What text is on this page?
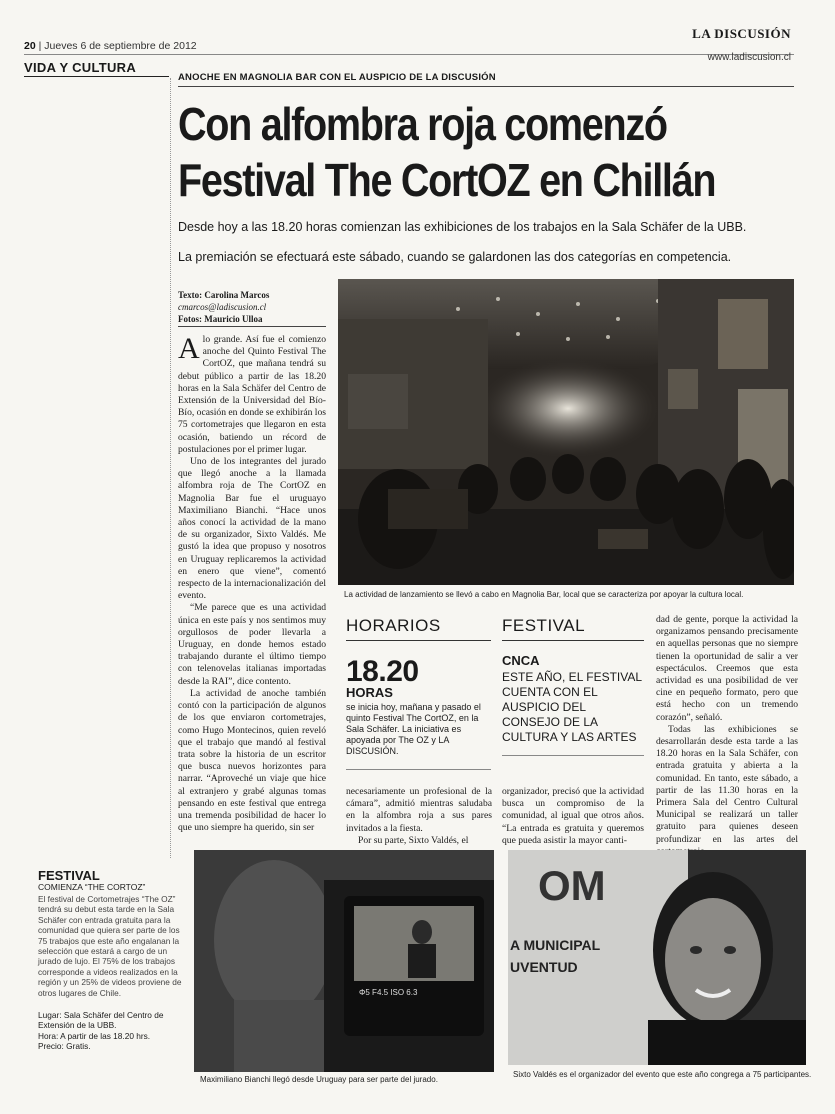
20 | Jueves 6 de septiembre de 2012
LA DISCUSIÓN
www.ladiscusion.cl
VIDA Y CULTURA
ANOCHE EN MAGNOLIA BAR CON EL AUSPICIO DE LA DISCUSIÓN
Con alfombra roja comenzó
Festival The CortOZ en Chillán
Desde hoy a las 18.20 horas comienzan las exhibiciones de los trabajos en la Sala Schäfer de la UBB.
La premiación se efectuará este sábado, cuando se galardonen las dos categorías en competencia.
Texto: Carolina Marcos
cmarcos@ladiscusion.cl
Fotos: Mauricio Ulloa

Alo grande. Así fue el comienzo anoche del Quinto Festival The CortOZ, que mañana tendrá su debut público a partir de las 18.20 horas en la Sala Schäfer del Centro de Extensión de la Universidad del Bío-Bío, ocasión en donde se exhibirán los 75 cortometrajes que llegaron en esta ocasión, batiendo un récord de postulaciones por el primer lugar.

Uno de los integrantes del jurado que llegó anoche a la llamada alfombra roja de The CortOZ en Magnolia Bar fue el uruguayo Maximiliano Bianchi. “Hace unos años conocí la actividad de la mano de su organizador, Sixto Valdés. Me gustó la idea que propuso y nosotros en Uruguay replicaremos la actividad en enero que viene”, comentó respecto de la internacionalización del evento.

“Me parece que es una actividad única en este país y nos sentimos muy orgullosos de poder llevarla a Uruguay, en donde hemos estado trabajando durante el último tiempo con telenovelas italianas importadas desde la RAI”, dice contento.

La actividad de anoche también contó con la participación de algunos de los que enviaron cortometrajes, como Hugo Montecinos, quien reveló que el trabajo que mandó al festival trata sobre la historia de un escritor que busca nuevos horizontes para narrar. “Aproveché un viaje que hice al extranjero y grabé algunas tomas pensando en este festival que entrega una tremenda posibilidad de hacer lo que uno siempre ha querido, sin ser

La actividad de lanzamiento se llevó a cabo en Magnolia Bar, local que se caracteriza por apoyar la cultura local.
HORARIOS
18.20
HORAS
se inicia hoy, mañana y pasado el quinto Festival The CortOZ, en la Sala Schäfer. La iniciativa es apoyada por The OZ y LA DISCUSIÓN.
FESTIVAL
CNCA
ESTE AÑO, EL FESTIVAL CUENTA CON EL AUSPICIO DEL CONSEJO DE LA CULTURA Y LAS ARTES

necesariamente un profesional de la cámara”, admitió mientras saludaba en la alfombra roja a sus pares invitados a la fiesta.

Por su parte, Sixto Valdés, el

organizador, precisó que la actividad busca un compromiso de la comunidad, al igual que otros años. “La entrada es gratuita y queremos que pueda asistir la mayor canti-

dad de gente, porque la actividad la organizamos pensando precisamente en aquellas personas que no siempre tienen la oportunidad de salir a ver espectáculos. Creemos que esta actividad es una posibilidad de ver cine en pequeño formato, pero que está hecho con un tremendo corazón”, señaló.

Todas las exhibiciones se desarrollarán desde esta tarde a las 18.20 horas en la Sala Schäfer, con entrada gratuita y abierta a la comunidad. En tanto, este sábado, a partir de las 11.30 horas en la Primera Sala del Centro Cultural Municipal se realizará un taller gratuito para quienes deseen profundizar en las artes del

FESTIVAL
COMIENZA “THE CORTOZ”
El festival de Cortometrajes “The OZ” tendrá su debut esta tarde en la Sala Schäfer con entrada gratuita para la comunidad que quiera ser parte de los 75 trabajos que este año engalanan la selección que estará a cargo de un jurado de lujo. El 75% de los trabajos corresponde a videos realizados en la región y un 25% de videos proviene de otros lugares de Chile.
Lugar: Sala Schäfer del Centro de Extensión de la UBB.
Hora: A partir de las 18.20 hrs.
Precio: Gratis.
Φ5 F4.5 ISO 6.3
Maximiliano Bianchi llegó desde Uruguay para ser parte del jurado.
OM
A MUNICIPAL
UVENTUD
Sixto Valdés es el organizador del evento que este año congrega a 75 participantes.
